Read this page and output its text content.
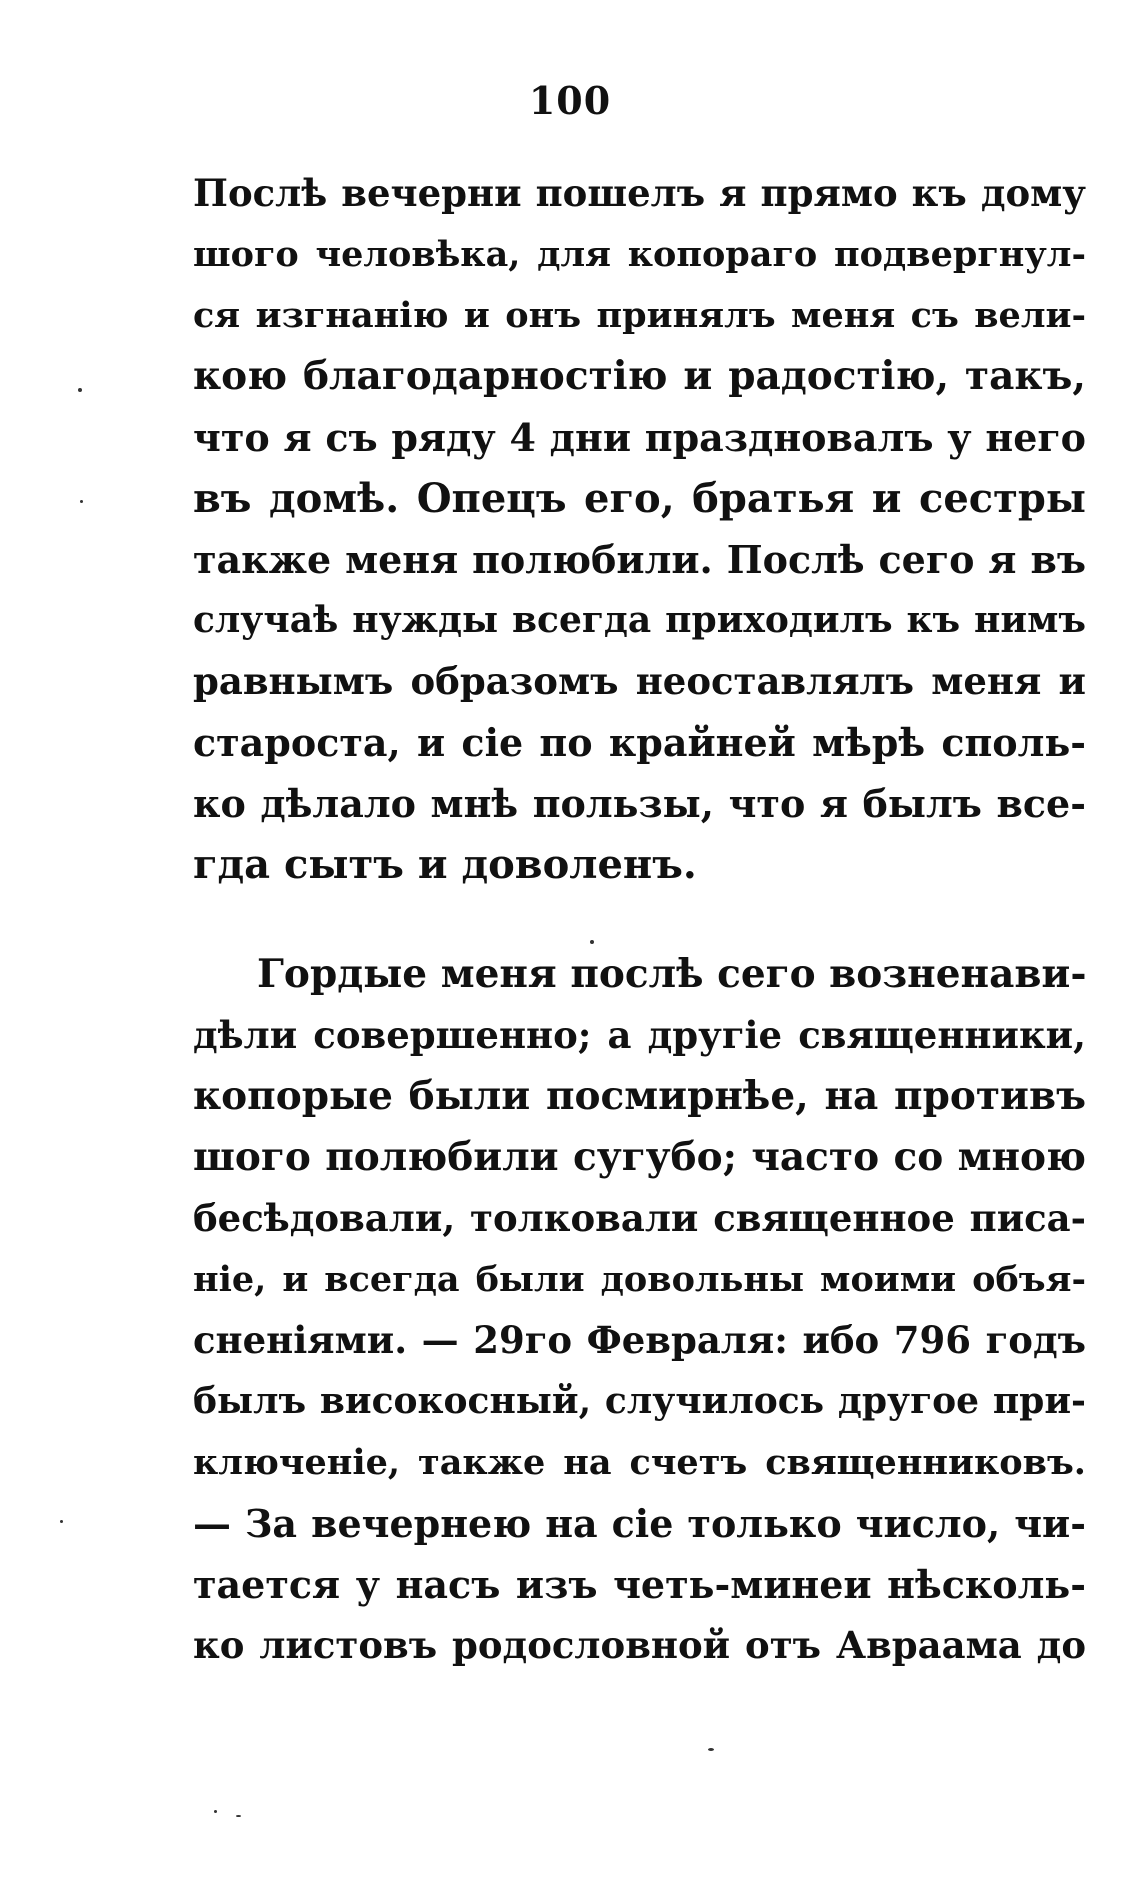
100
Послѣ вечерни пошелъ я прямо къ дому
шого человѣка, для копораго подвергнул-
ся изгнанію и онъ принялъ меня съ вели-
кою благодарностію и радостію, такъ,
что я съ ряду 4 дни праздновалъ у него
въ домѣ. Опецъ его, братья и сестры
также меня полюбили. Послѣ сего я въ
случаѣ нужды всегда приходилъ къ нимъ
равнымъ образомъ неоставлялъ меня и
староста, и сіе по крайней мѣрѣ споль-
ко дѣлало мнѣ пользы, что я былъ все-
гда сытъ и доволенъ.
Гордые меня послѣ сего возненави-
дѣли совершенно; а другіе священники,
копорые были посмирнѣе, на противъ
шого полюбили сугубо; часто со мною
бесѣдовали, толковали священное писа-
ніе, и всегда были довольны моими объя-
сненіями. — 29го Февраля: ибо 796 годъ
былъ високосный, случилось другое при-
ключеніе, также на счетъ священниковъ.
— За вечернею на сіе только число, чи-
тается у насъ изъ четь-минеи нѣсколь-
ко листовъ родословной отъ Авраама до
